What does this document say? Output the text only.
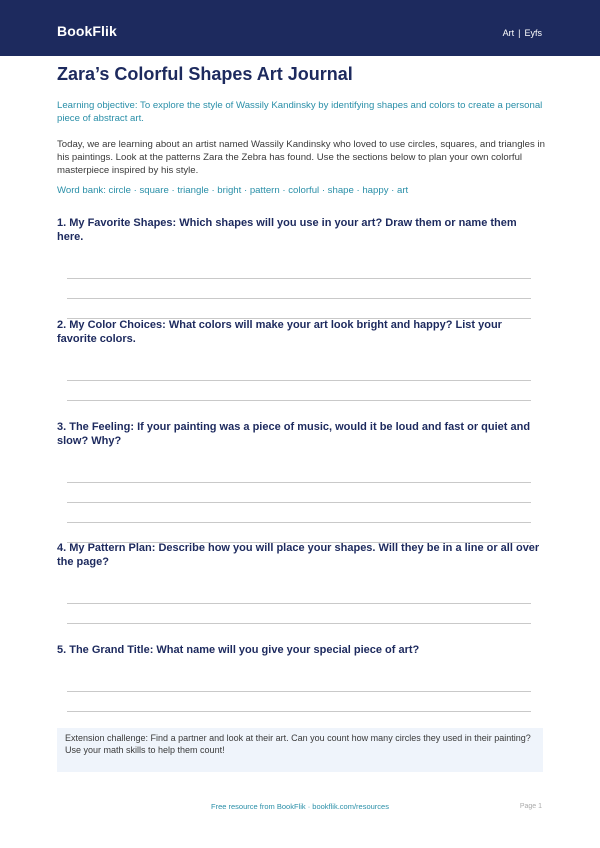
BookFlik	Art | Eyfs
Zara’s Colorful Shapes Art Journal
Learning objective: To explore the style of Wassily Kandinsky by identifying shapes and colors to create a personal piece of abstract art.
Today, we are learning about an artist named Wassily Kandinsky who loved to use circles, squares, and triangles in his paintings. Look at the patterns Zara the Zebra has found. Use the sections below to plan your own colorful masterpiece inspired by his style.
Word bank: circle · square · triangle · bright · pattern · colorful · shape · happy · art
1. My Favorite Shapes: Which shapes will you use in your art? Draw them or name them here.
2. My Color Choices: What colors will make your art look bright and happy? List your favorite colors.
3. The Feeling: If your painting was a piece of music, would it be loud and fast or quiet and slow? Why?
4. My Pattern Plan: Describe how you will place your shapes. Will they be in a line or all over the page?
5. The Grand Title: What name will you give your special piece of art?

Extension challenge: Find a partner and look at their art. Can you count how many circles they used in their painting? Use your math skills to help them count!

Free resource from BookFlik · bookflik.com/resources	Page 1
